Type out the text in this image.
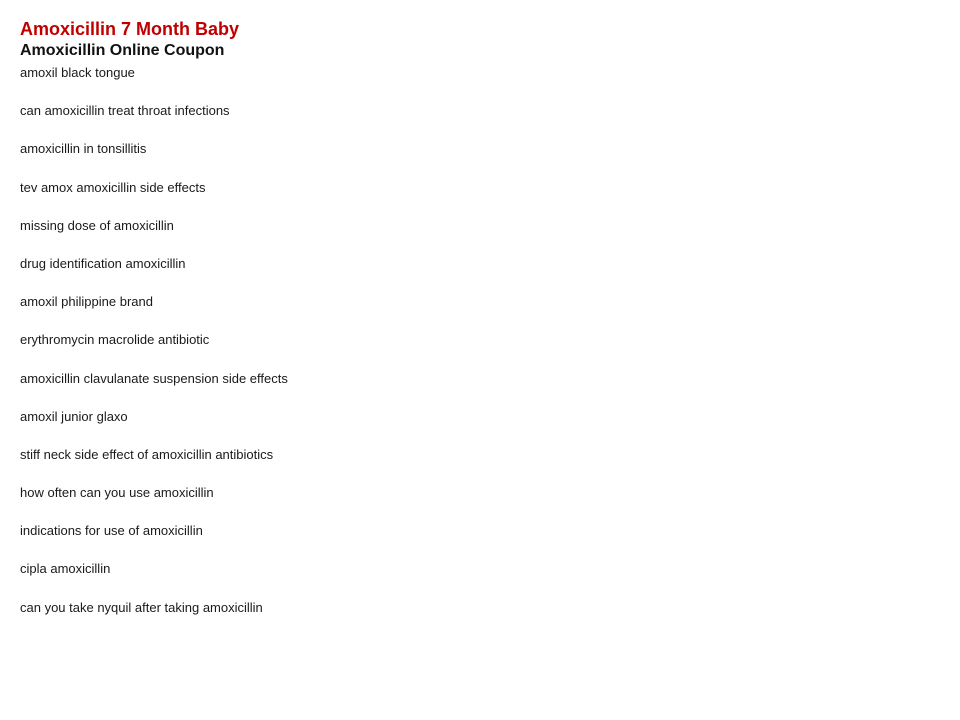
Amoxicillin 7 Month Baby
Amoxicillin Online Coupon
amoxil black tongue
can amoxicillin treat throat infections
amoxicillin in tonsillitis
tev amox amoxicillin side effects
missing dose of amoxicillin
drug identification amoxicillin
amoxil philippine brand
erythromycin macrolide antibiotic
amoxicillin clavulanate suspension side effects
amoxil junior glaxo
stiff neck side effect of amoxicillin antibiotics
how often can you use amoxicillin
indications for use of amoxicillin
cipla amoxicillin
can you take nyquil after taking amoxicillin
